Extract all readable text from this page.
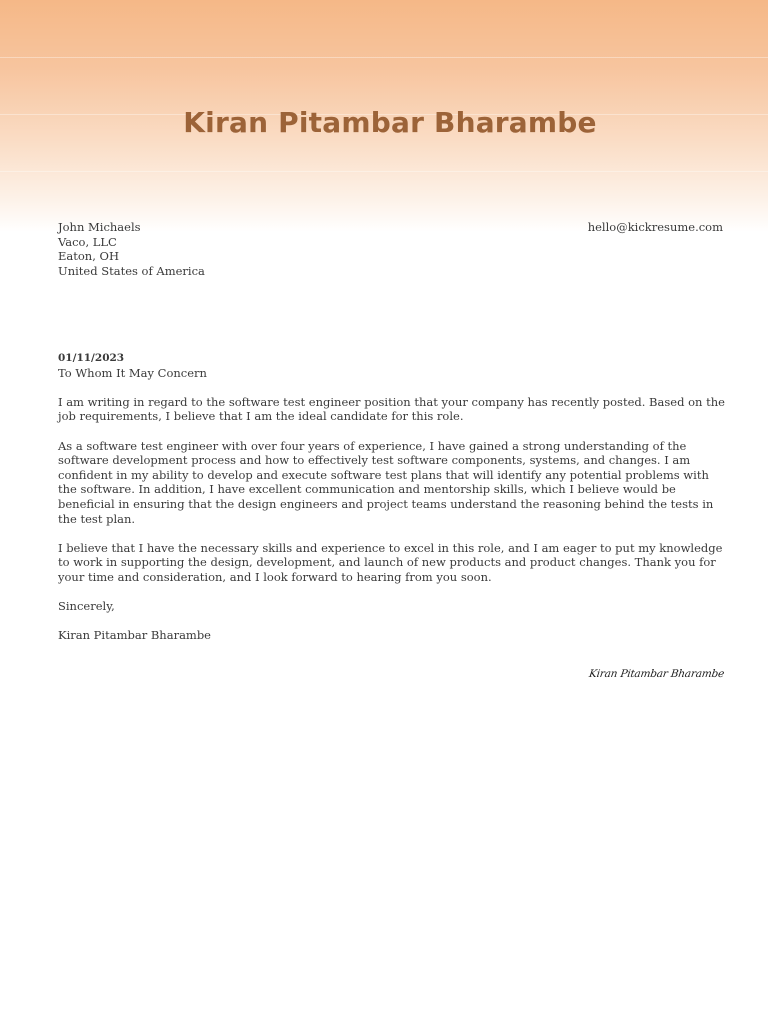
Kiran Pitambar Bharambe
John Michaels
Vaco, LLC
Eaton, OH
United States of America
hello@kickresume.com
01/11/2023
To Whom It May Concern

I am writing in regard to the software test engineer position that your company has recently posted. Based on the job requirements, I believe that I am the ideal candidate for this role.

As a software test engineer with over four years of experience, I have gained a strong understanding of the software development process and how to effectively test software components, systems, and changes. I am confident in my ability to develop and execute software test plans that will identify any potential problems with the software. In addition, I have excellent communication and mentorship skills, which I believe would be beneficial in ensuring that the design engineers and project teams understand the reasoning behind the tests in the test plan.

I believe that I have the necessary skills and experience to excel in this role, and I am eager to put my knowledge to work in supporting the design, development, and launch of new products and product changes. Thank you for your time and consideration, and I look forward to hearing from you soon.

Sincerely,

Kiran Pitambar Bharambe

Kiran Pitambar Bharambe
